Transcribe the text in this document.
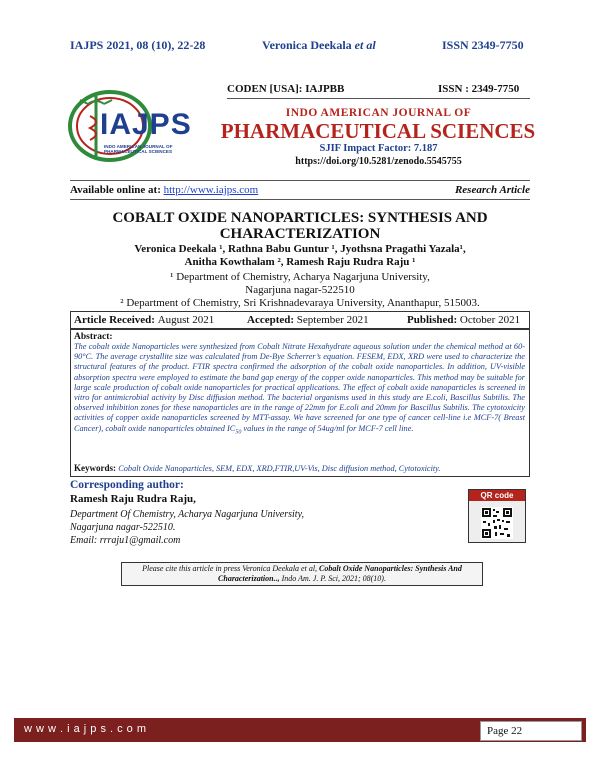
IAJPS 2021, 08 (10), 22-28	Veronica Deekala et al	ISSN 2349-7750
CODEN [USA]: IAJPBB	ISSN : 2349-7750
IAJPS
INDO AMERICAN JOURNAL OF PHARMACEUTICAL SCIENCES
INDO AMERICAN JOURNAL OF
PHARMACEUTICAL SCIENCES
SJIF Impact Factor: 7.187
https://doi.org/10.5281/zenodo.5545755
Available online at: http://www.iajps.com	Research Article
COBALT OXIDE NANOPARTICLES: SYNTHESIS AND
CHARACTERIZATION
Veronica Deekala ¹, Rathna Babu Guntur ¹, Jyothsna Pragathi Yazala¹,
Anitha Kowthalam ², Ramesh Raju Rudra Raju ¹
¹ Department of Chemistry, Acharya Nagarjuna University,
Nagarjuna nagar-522510
² Department of Chemistry, Sri Krishnadevaraya University, Ananthapur, 515003.
Article Received: August 2021	Accepted: September 2021	Published: October 2021
Abstract:
The cobalt oxide Nanoparticles were synthesized from Cobalt Nitrate Hexahydrate aqueous solution under the chemical method at 60-90°C. The average crystallite size was calculated from De-Bye Scherrer’s equation. FESEM, EDX, XRD were used to characterize the structural features of the product. FTIR spectra confirmed the adsorption of the cobalt oxide nanoparticles. In addition, UV-visible absorption spectra were employed to estimate the band gap energy of the copper oxide nanoparticles. This method may be suitable for large scale production of cobalt oxide nanoparticles for practical applications. The effect of cobalt oxide nanoparticles is screened in vitro for antimicrobial activity by Disc diffusion method. The bacterial organisms used in this study are E.coli, Bascillus Subtilis. The observed inhibition zones for these nanoparticles are in the range of 22mm for E.coli and 20mm for Bascillus Subtilis. The cytotoxicity activities of copper oxide nanoparticles screened by MTT-assay. We have screened for one type of cancer cell-line i.e MCF-7( Breast Cancer), cobalt oxide nanoparticles obtained $IC_{50}$ values in the range of 54ug/ml for MCF-7 cell line.
Keywords: Cobalt Oxide Nanoparticles, SEM, EDX, XRD,FTIR,UV-Vis, Disc diffusion method, Cytotoxicity.
Corresponding author:
Ramesh Raju Rudra Raju,
Department Of Chemistry, Acharya Nagarjuna University,
Nagarjuna nagar-522510.
Email: rrraju1@gmail.com
QR code
Please cite this article in press Veronica Deekala et al, Cobalt Oxide Nanoparticles: Synthesis And Characterization.., Indo Am. J. P. Sci, 2021; 08(10).
w w w . i a j p s . c o m	Page 22
